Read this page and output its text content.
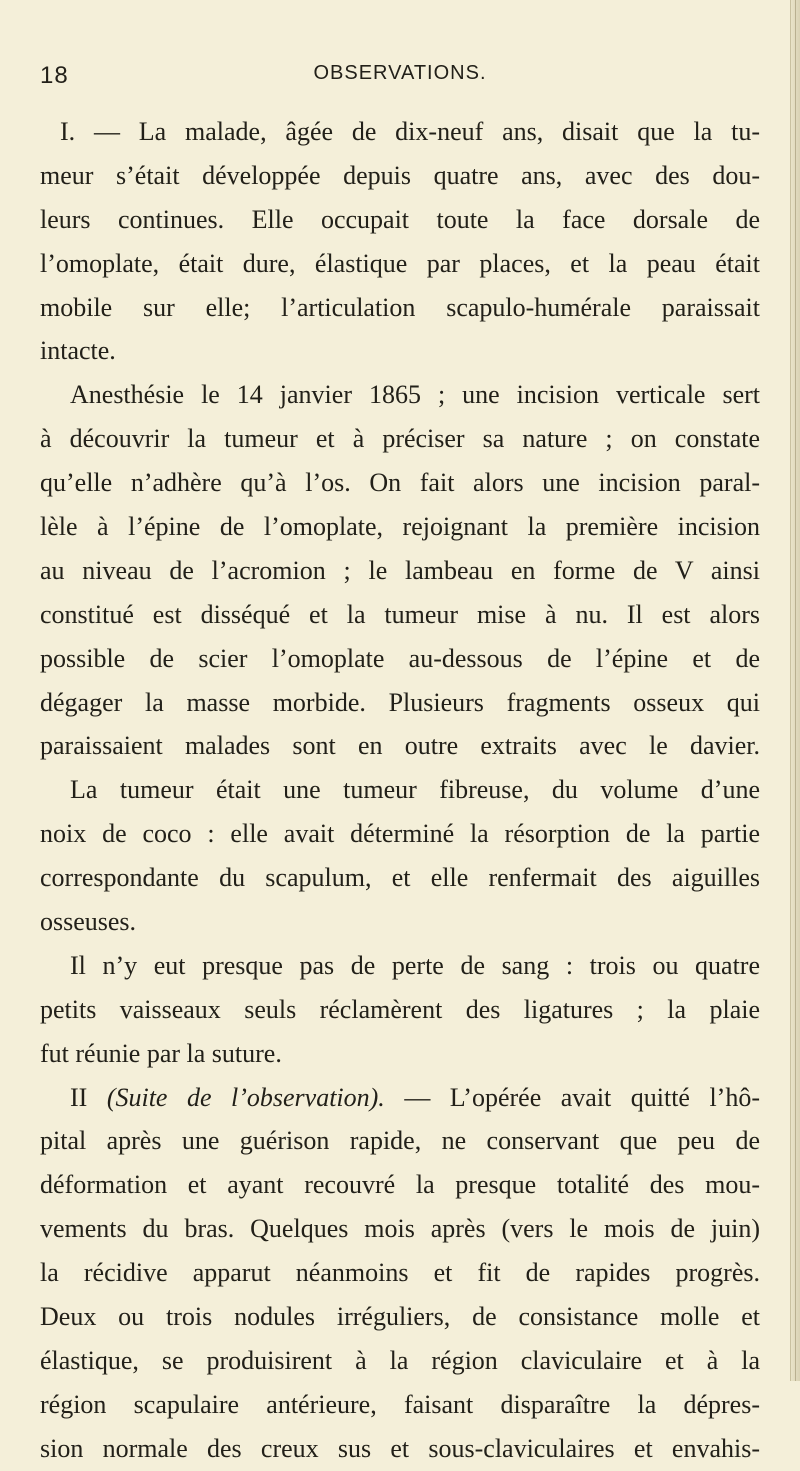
18	OBSERVATIONS.
I. — La malade, âgée de dix-neuf ans, disait que la tu-
meur s’était développée depuis quatre ans, avec des dou-
leurs continues. Elle occupait toute la face dorsale de
l’omoplate, était dure, élastique par places, et la peau était
mobile sur elle; l’articulation scapulo-humérale paraissait
intacte.
Anesthésie le 14 janvier 1865 ; une incision verticale sert
à découvrir la tumeur et à préciser sa nature ; on constate
qu’elle n’adhère qu’à l’os. On fait alors une incision paral-
lèle à l’épine de l’omoplate, rejoignant la première incision
au niveau de l’acromion ; le lambeau en forme de V ainsi
constitué est disséqué et la tumeur mise à nu. Il est alors
possible de scier l’omoplate au-dessous de l’épine et de
dégager la masse morbide. Plusieurs fragments osseux qui
paraissaient malades sont en outre extraits avec le davier.
La tumeur était une tumeur fibreuse, du volume d’une
noix de coco : elle avait déterminé la résorption de la partie
correspondante du scapulum, et elle renfermait des aiguilles
osseuses.
Il n’y eut presque pas de perte de sang : trois ou quatre
petits vaisseaux seuls réclamèrent des ligatures ; la plaie
fut réunie par la suture.
II (Suite de l’observation). — L’opérée avait quitté l’hô-
pital après une guérison rapide, ne conservant que peu de
déformation et ayant recouvré la presque totalité des mou-
vements du bras. Quelques mois après (vers le mois de juin)
la récidive apparut néanmoins et fit de rapides progrès.
Deux ou trois nodules irréguliers, de consistance molle et
élastique, se produisirent à la région claviculaire et à la
région scapulaire antérieure, faisant disparaître la dépres-
sion normale des creux sus et sous-claviculaires et envahis-
